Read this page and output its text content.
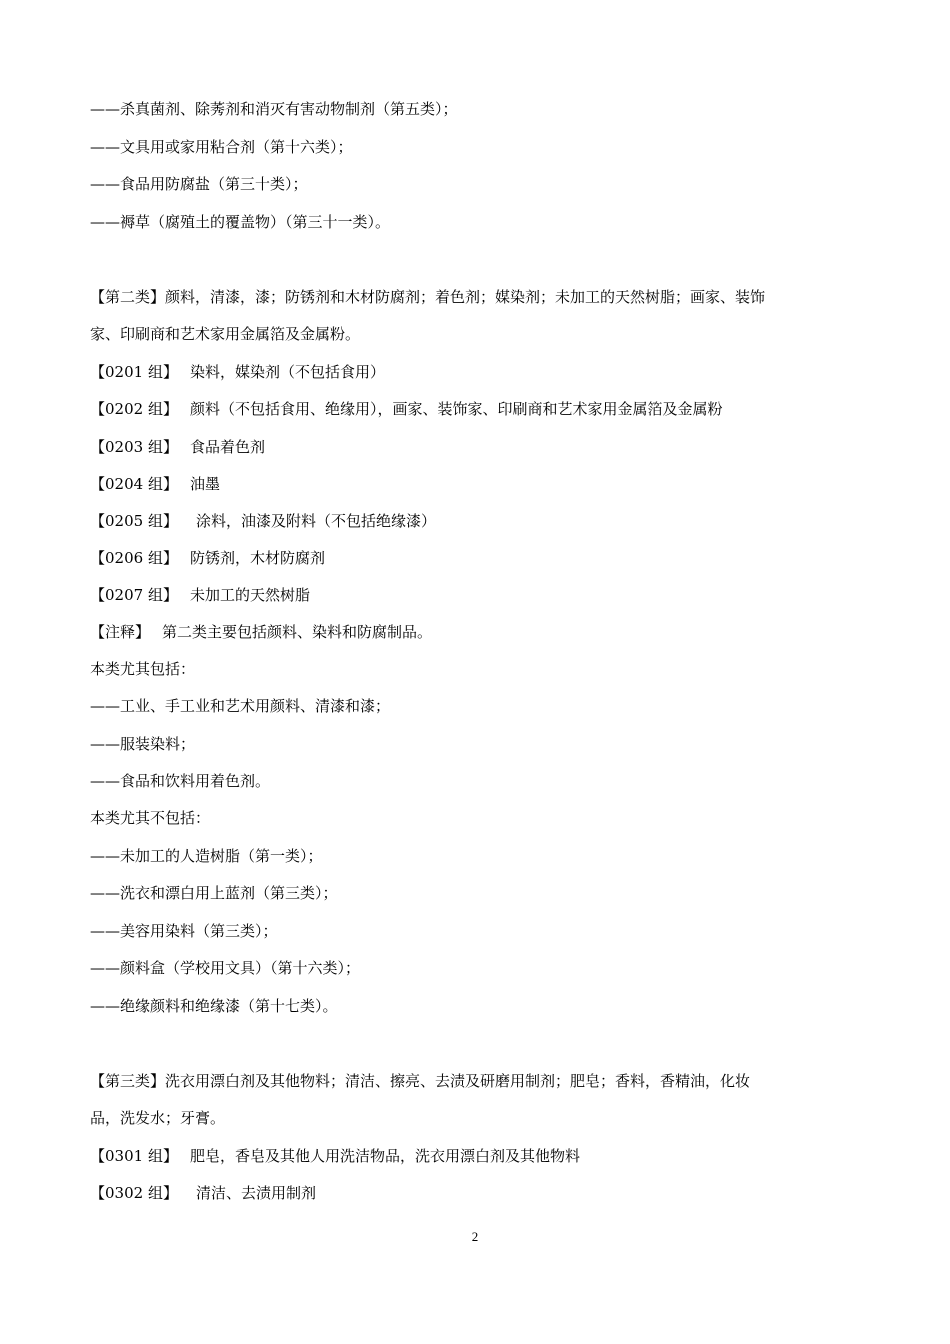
——杀真菌剂、除莠剂和消灭有害动物制剂（第五类）；
——文具用或家用粘合剂（第十六类）；
——食品用防腐盐（第三十类）；
——褥草（腐殖土的覆盖物）（第三十一类）。
【第二类】颜料，清漆，漆；防锈剂和木材防腐剂；着色剂；媒染剂；未加工的天然树脂；画家、装饰
家、印刷商和艺术家用金属箔及金属粉。
【0201 组】 染料，媒染剂（不包括食用）
【0202 组】 颜料（不包括食用、绝缘用），画家、装饰家、印刷商和艺术家用金属箔及金属粉
【0203 组】 食品着色剂
【0204 组】 油墨
【0205 组】 涂料，油漆及附料（不包括绝缘漆）
【0206 组】 防锈剂，木材防腐剂
【0207 组】 未加工的天然树脂
【注释】 第二类主要包括颜料、染料和防腐制品。
本类尤其包括：
——工业、手工业和艺术用颜料、清漆和漆；
——服装染料；
——食品和饮料用着色剂。
本类尤其不包括：
——未加工的人造树脂（第一类）；
——洗衣和漂白用上蓝剂（第三类）；
——美容用染料（第三类）；
——颜料盒（学校用文具）（第十六类）；
——绝缘颜料和绝缘漆（第十七类）。
【第三类】洗衣用漂白剂及其他物料；清洁、擦亮、去渍及研磨用制剂；肥皂；香料，香精油，化妆
品，洗发水；牙膏。
【0301 组】 肥皂，香皂及其他人用洗洁物品，洗衣用漂白剂及其他物料
【0302 组】 清洁、去渍用制剂
2
